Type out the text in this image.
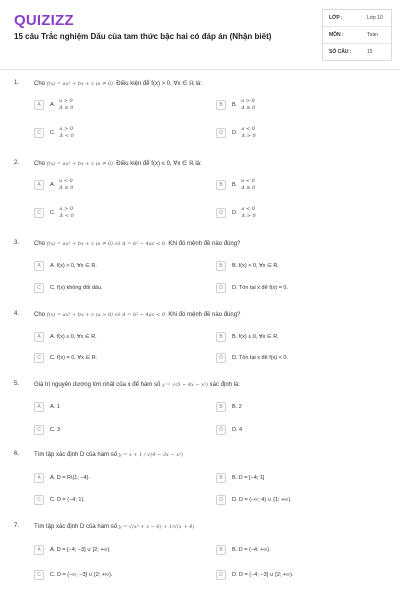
QUIZIZZ
15 câu Trắc nghiệm Dấu của tam thức bậc hai có đáp án (Nhận biết)
LỚP :	Lớp 10
MÔN :	Toán
SỐ CÂU :	15
1. Cho f(x) = ax² + bx + c (a ≠ 0). Điều kiện để f(x) > 0, ∀x ∈ ℝ là:
A	A.
a > 0
Δ ≤ 0	B	B.
a > 0
Δ ≥ 0
C	C.
a > 0
Δ < 0	D	D.
a < 0
Δ > 0
2. Cho f(x) = ax² + bx + c (a ≠ 0). Điều kiện để f(x) ≤ 0, ∀x ∈ ℝ là:
A	A.
a < 0
Δ ≤ 0	B	B.
a < 0
Δ ≥ 0
C	C.
a > 0
Δ < 0	D	D.
a < 0
Δ > 0
3. Cho f(x) = ax² + bx + c (a ≠ 0) có Δ = b² − 4ac < 0. Khi đó mệnh đề nào đúng?
A	A. f(x) > 0, ∀x ∈ R.	B	B. f(x) < 0, ∀x ∈ R.
C	C. f(x) không đổi dấu.	D	D. Tồn tại x để f(x) = 0.
4. Cho f(x) = ax² + bx + c (a > 0) có Δ = b² − 4ac < 0. Khi đó mệnh đề nào đúng?
A	A. f(x) ≥ 0, ∀x ∈ R.	B	B. f(x) ≤ 0, ∀x ∈ R.
C	C. f(x) = 0, ∀x ∈ R.	D	D. Tồn tại x để f(x) < 0.
5. Giá trị nguyên dương lớn nhất của x để hàm số y = √(5 − 4x − x²) xác định là:
A	A. 1	B	B. 2
C	C. 3	D	D. 4
6. Tìm tập xác định D của hàm số y = x + 1 / √(4 − 3x − x²)
A	A. D = R\{1; −4}.	B	B. D = [−4; 1]
C	C. D = (−4; 1).	D	D. D = (−∞; 4) ∪ (1; +∞).
7. Tìm tập xác định D của hàm số y = √(x² + x − 6) + 1/√(x + 4)
A	A. D = [−4; −3] ∪ [2; +∞).	B	B. D = (−4; +∞).
C	C. D = (−∞; −3] ∪ [2; +∞).	D	D. D = (−4; −3] ∪ [2; +∞).
